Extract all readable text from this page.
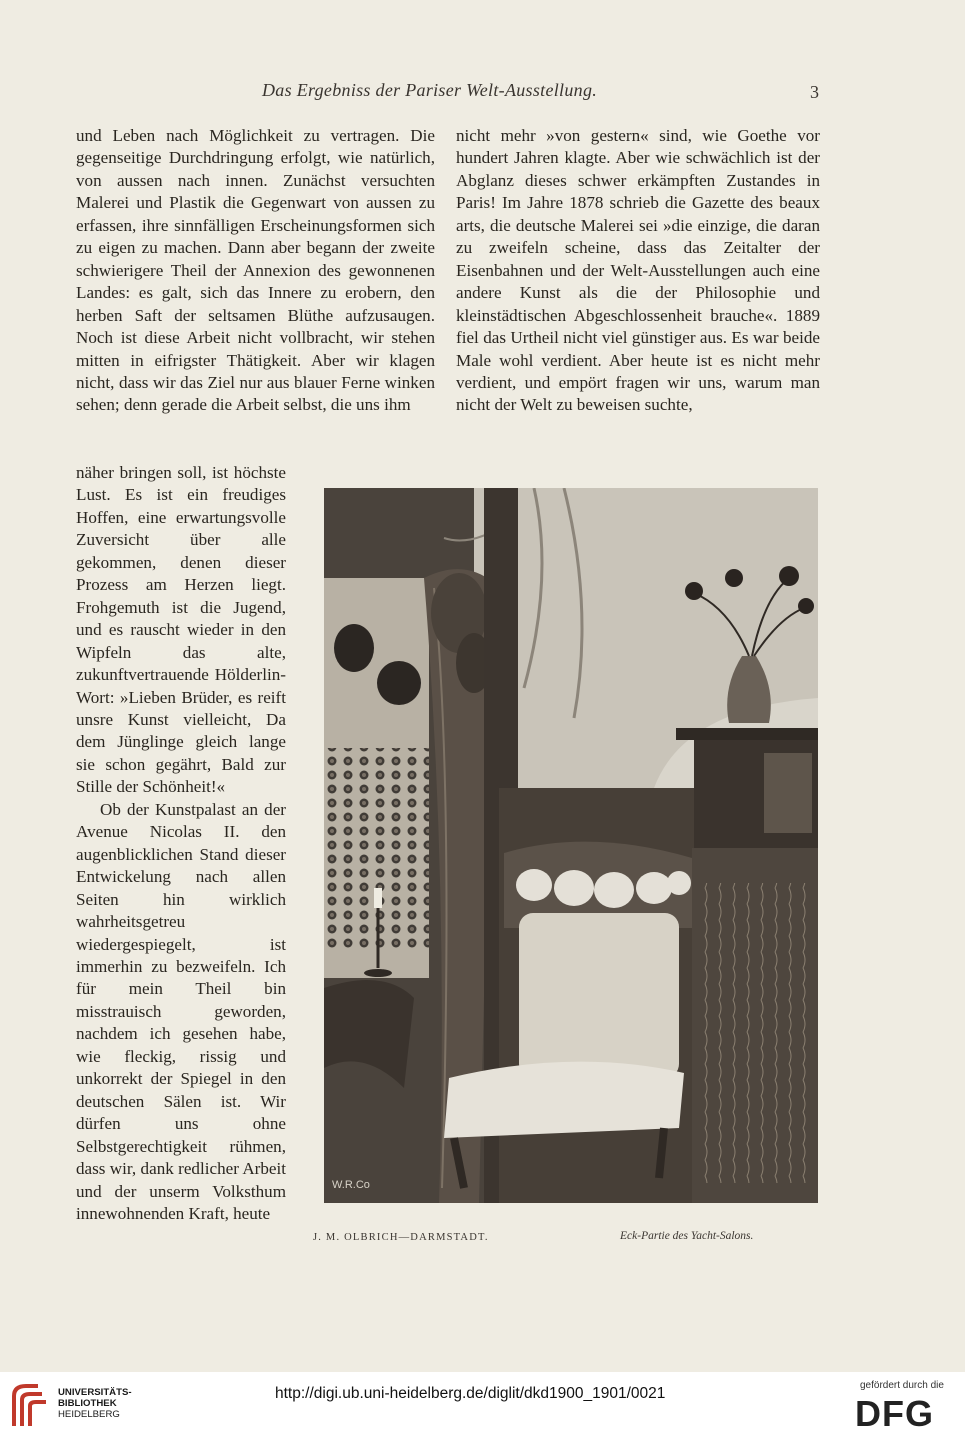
Das Ergebniss der Pariser Welt-Ausstellung.	3

und Leben nach Möglichkeit zu vertragen. Die gegenseitige Durchdringung erfolgt, wie natürlich, von aussen nach innen. Zunächst versuchten Malerei und Plastik die Gegenwart von aussen zu erfassen, ihre sinnfälligen Erscheinungsformen sich zu eigen zu machen. Dann aber begann der zweite schwierigere Theil der Annexion des gewonnenen Landes: es galt, sich das Innere zu erobern, den herben Saft der seltsamen Blüthe aufzusaugen. Noch ist diese Arbeit nicht vollbracht, wir stehen mitten in eifrigster Thätigkeit. Aber wir klagen nicht, dass wir das Ziel nur aus blauer Ferne winken sehen; denn gerade die Arbeit selbst, die uns ihm

nicht mehr »von gestern« sind, wie Goethe vor hundert Jahren klagte. Aber wie schwächlich ist der Abglanz dieses schwer erkämpften Zustandes in Paris! Im Jahre 1878 schrieb die Gazette des beaux arts, die deutsche Malerei sei »die einzige, die daran zu zweifeln scheine, dass das Zeitalter der Eisenbahnen und der Welt-Ausstellungen auch eine andere Kunst als die der Philosophie und kleinstädtischen Abgeschlossenheit brauche«. 1889 fiel das Urtheil nicht viel günstiger aus. Es war beide Male wohl verdient. Aber heute ist es nicht mehr verdient, und empört fragen wir uns, warum man nicht der Welt zu beweisen suchte,

näher bringen soll, ist höchste Lust. Es ist ein freudiges Hoffen, eine erwartungsvolle Zuversicht über alle gekommen, denen dieser Prozess am Herzen liegt. Frohgemuth ist die Jugend, und es rauscht wieder in den Wipfeln das alte, zukunftvertrauende Hölderlin-Wort: »Lieben Brüder, es reift unsre Kunst vielleicht, Da dem Jünglinge gleich lange sie schon gegährt, Bald zur Stille der Schönheit!«

Ob der Kunstpalast an der Avenue Nicolas II. den augenblicklichen Stand dieser Entwickelung nach allen Seiten hin wirklich wahrheitsgetreu wiedergespiegelt, ist immerhin zu bezweifeln. Ich für mein Theil bin misstrauisch geworden, nachdem ich gesehen habe, wie fleckig, rissig und unkorrekt der Spiegel in den deutschen Sälen ist. Wir dürfen uns ohne Selbstgerechtigkeit rühmen, dass wir, dank redlicher Arbeit und der unserm Volksthum innewohnenden Kraft, heute

W.R.Co
J. M. OLBRICH—DARMSTADT.	Eck-Partie des Yacht-Salons.
UNIVERSITÄTS-
BIBLIOTHEK
HEIDELBERG
http://digi.ub.uni-heidelberg.de/diglit/dkd1900_1901/0021	gefördert durch die
DFG
